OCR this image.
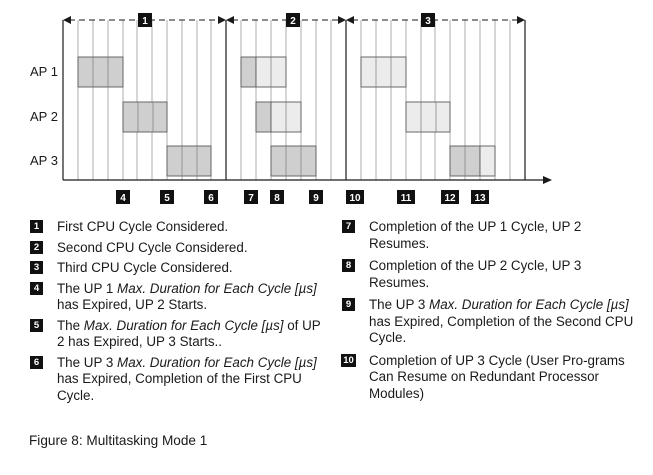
1	2	3
AP 1
AP 2
AP 3
4	5	6	7 8	9	10	11	12 13
1 First CPU Cycle Considered.
2 Second CPU Cycle Considered.
3 Third CPU Cycle Considered.
4 The UP 1 Max. Duration for Each Cycle [µs] has Expired, UP 2 Starts.
5 The Max. Duration for Each Cycle [µs] of UP 2 has Expired, UP 3 Starts..
6 The UP 3 Max. Duration for Each Cycle [µs] has Expired, Completion of the First CPU Cycle.
7 Completion of the UP 1 Cycle, UP 2 Resumes.
8 Completion of the UP 2 Cycle, UP 3 Resumes.
9 The UP 3 Max. Duration for Each Cycle [µs] has Expired, Completion of the Second CPU Cycle.
10 Completion of UP 3 Cycle (User Pro-grams Can Resume on Redundant Processor Modules)
Figure 8: Multitasking Mode 1
